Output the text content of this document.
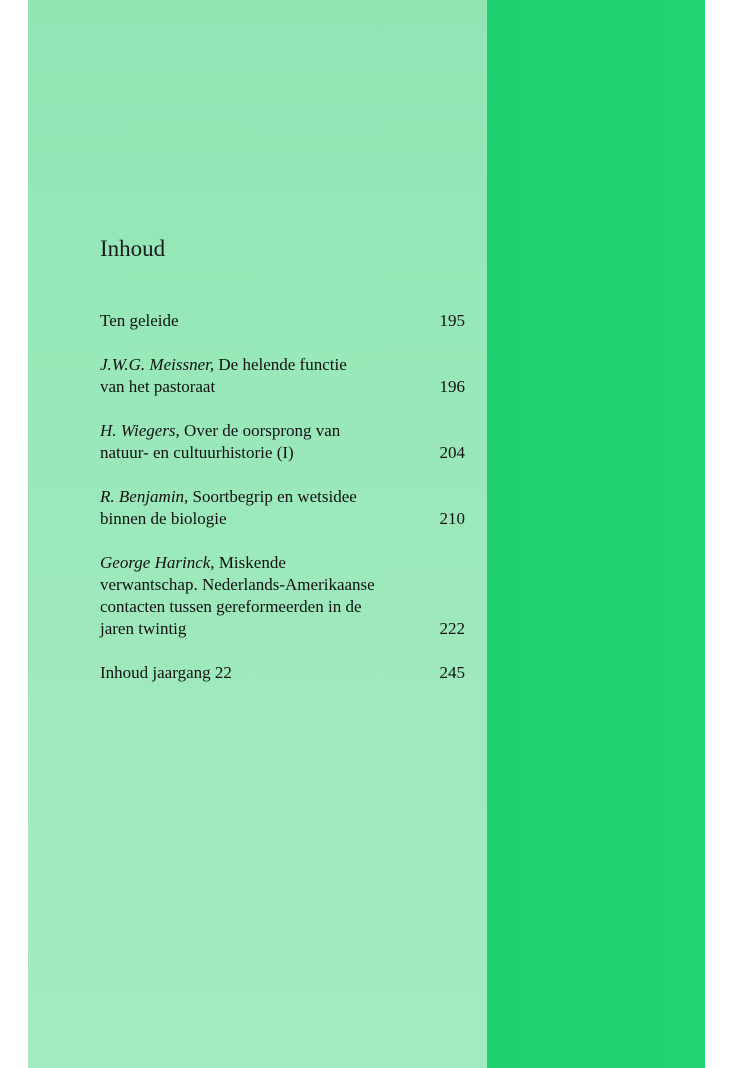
Inhoud
Ten geleide	195
J.W.G. Meissner, De helende functie
van het pastoraat	196
H. Wiegers, Over de oorsprong van
natuur- en cultuurhistorie (I)	204
R. Benjamin, Soortbegrip en wetsidee
binnen de biologie	210
George Harinck, Miskende
verwantschap. Nederlands-Amerikaanse
contacten tussen gereformeerden in de
jaren twintig	222
Inhoud jaargang 22	245
